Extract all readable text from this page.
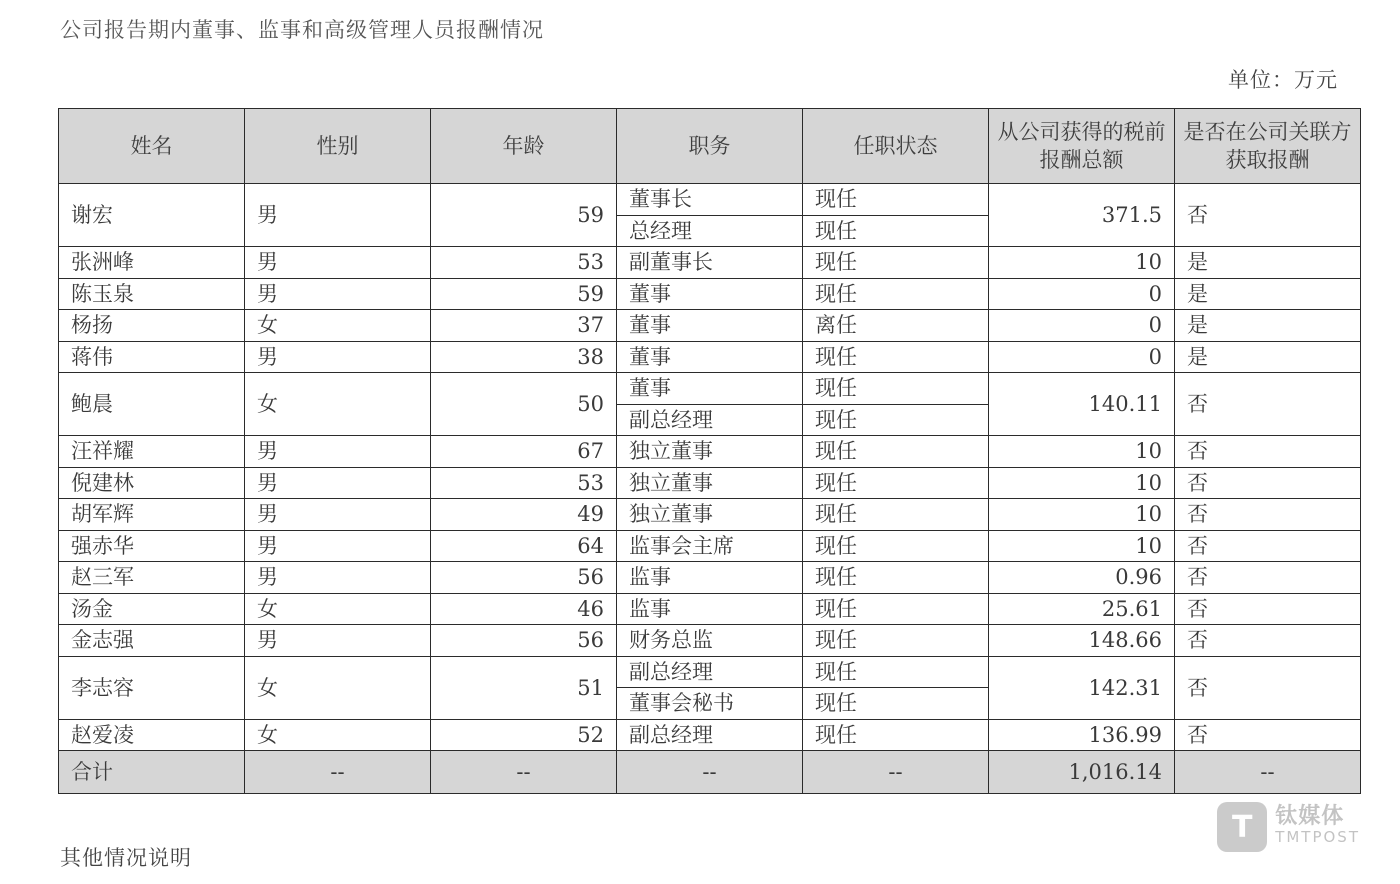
公司报告期内董事、监事和高级管理人员报酬情况
单位：万元
姓名	性别	年龄	职务	任职状态	从公司获得的税前报酬总额	是否在公司关联方获取报酬
谢宏	男	59	董事长	现任	371.5	否
			总经理	现任		
张洲峰	男	53	副董事长	现任	10	是
陈玉泉	男	59	董事	现任	0	是
杨扬	女	37	董事	离任	0	是
蒋伟	男	38	董事	现任	0	是
鲍晨	女	50	董事	现任	140.11	否
			副总经理	现任		
汪祥耀	男	67	独立董事	现任	10	否
倪建林	男	53	独立董事	现任	10	否
胡军辉	男	49	独立董事	现任	10	否
强赤华	男	64	监事会主席	现任	10	否
赵三军	男	56	监事	现任	0.96	否
汤金	女	46	监事	现任	25.61	否
金志强	男	56	财务总监	现任	148.66	否
李志容	女	51	副总经理	现任	142.31	否
			董事会秘书	现任		
赵爱凌	女	52	副总经理	现任	136.99	否
合计	--	--	--	--	1,016.14	--
其他情况说明
T	钛媒体
TMTPOST
